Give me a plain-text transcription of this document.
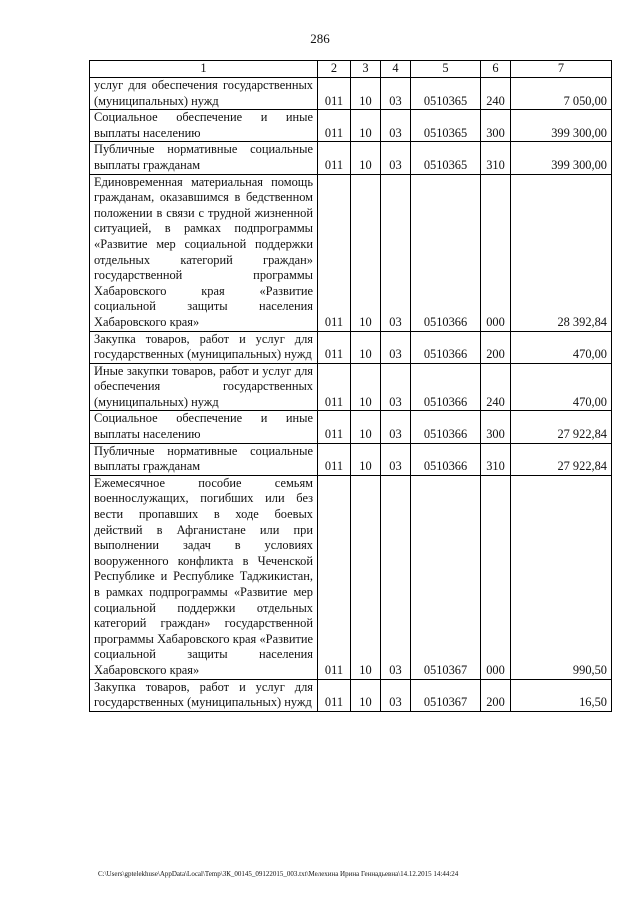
286
1	2	3	4	5	6	7
услуг для обеспечения государственных (муниципальных) нужд	011	10	03	0510365	240	7 050,00
Социальное обеспечение и иные выплаты населению	011	10	03	0510365	300	399 300,00
Публичные нормативные социальные выплаты гражданам	011	10	03	0510365	310	399 300,00
Единовременная материальная помощь гражданам, оказавшимся в бедственном положении в связи с трудной жизненной ситуацией, в рамках подпрограммы «Развитие мер социальной поддержки отдельных категорий граждан» государственной программы Хабаровского края «Развитие социальной защиты населения Хабаровского края»	011	10	03	0510366	000	28 392,84
Закупка товаров, работ и услуг для государственных (муниципальных) нужд	011	10	03	0510366	200	470,00
Иные закупки товаров, работ и услуг для обеспечения государственных (муниципальных) нужд	011	10	03	0510366	240	470,00
Социальное обеспечение и иные выплаты населению	011	10	03	0510366	300	27 922,84
Публичные нормативные социальные выплаты гражданам	011	10	03	0510366	310	27 922,84
Ежемесячное пособие семьям военнослужащих, погибших или без вести пропавших в ходе боевых действий в Афганистане или при выполнении задач в условиях вооруженного конфликта в Чеченской Республике и Республике Таджикистан, в рамках подпрограммы «Развитие мер социальной поддержки отдельных категорий граждан» государственной программы Хабаровского края «Развитие социальной защиты населения Хабаровского края»	011	10	03	0510367	000	990,50
Закупка товаров, работ и услуг для государственных (муниципальных) нужд	011	10	03	0510367	200	16,50
C:\Users\gptelekhuse\AppData\Local\Temp\ЗК_00145_09122015_003.txt\Мелехина Ирина Геннадьевна\14.12.2015 14:44:24
